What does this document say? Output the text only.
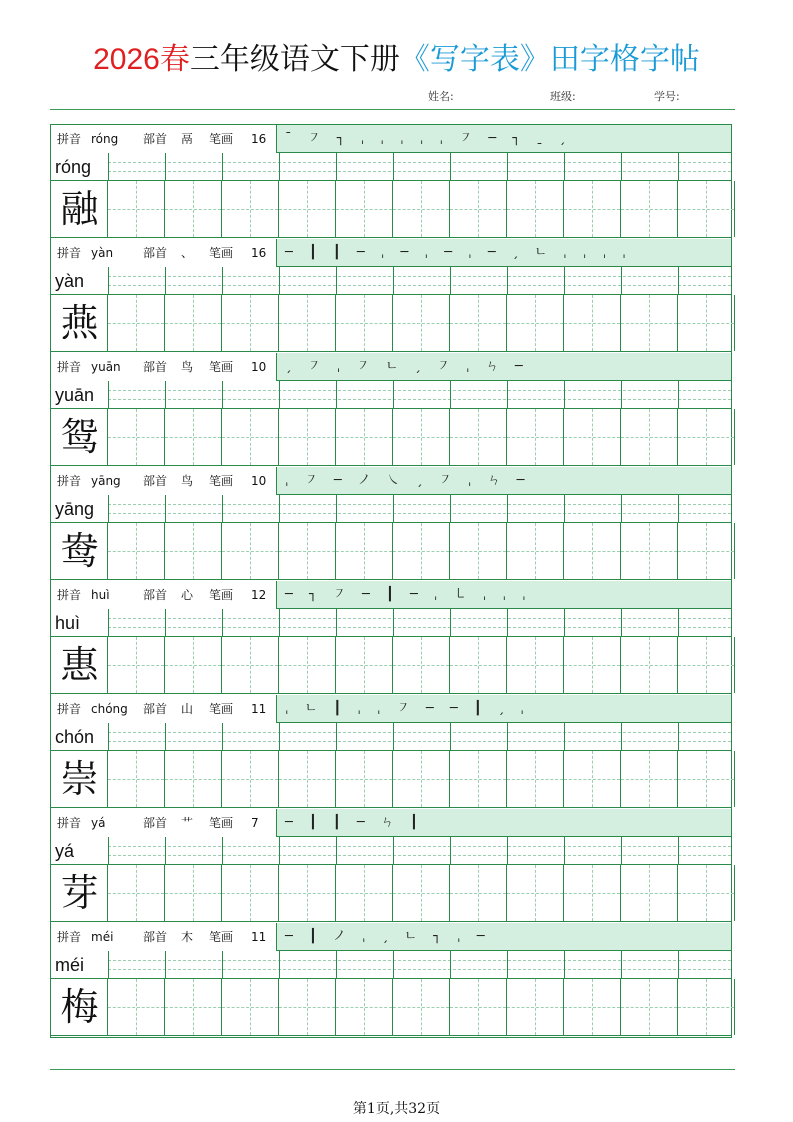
2026春三年级语文下册《写字表》田字格字帖
姓名:	班级:	学号:
拼音 róng 部首 鬲 笔画 16 ˉ ㇇ ┐ ˌ ˌ ˌ ˌ ˌ ㇇ ─ ┐ ˍ ˏ
róng
融
拼音 yàn 部首 、 笔画 16 ─ ┃ ┃ ─ ˌ ─ ˌ ─ ˌ ─ ˏ ㄴ ˌ ˌ ˌ ˌ
yàn
燕
拼音 yuān 部首 鸟 笔画 10 ˏ ㇇ ˌ ㇇ ㄴ ˏ ㇇ ˌ ㄣ ─
yuān
鸳
拼音 yāng 部首 鸟 笔画 10 ˌ ㇇ ─ ノ ㇏ ˏ ㇇ ˌ ㄣ ─
yāng
鸯
拼音 huì	部首 心 笔画 12 ─ ┐ ㇇ ─ ┃ ─ ˌ ㇄ ˌ ˌ ˌ
huì
惠
拼音 chóng 部首 山 笔画 11 ˌ ㄴ ┃ ˌ ˌ ㇇ ─ ─ ┃ ˏ ˌ
chón
崇
拼音 yá	部首 艹 笔画 7 ─ ┃ ┃ ─ ㄣ ┃
yá
芽
拼音 méi 部首 木 笔画 11 ─ ┃ ノ ˌ ˏ ㄴ ┐ ˌ ─
méi
梅
第1页,共32页
